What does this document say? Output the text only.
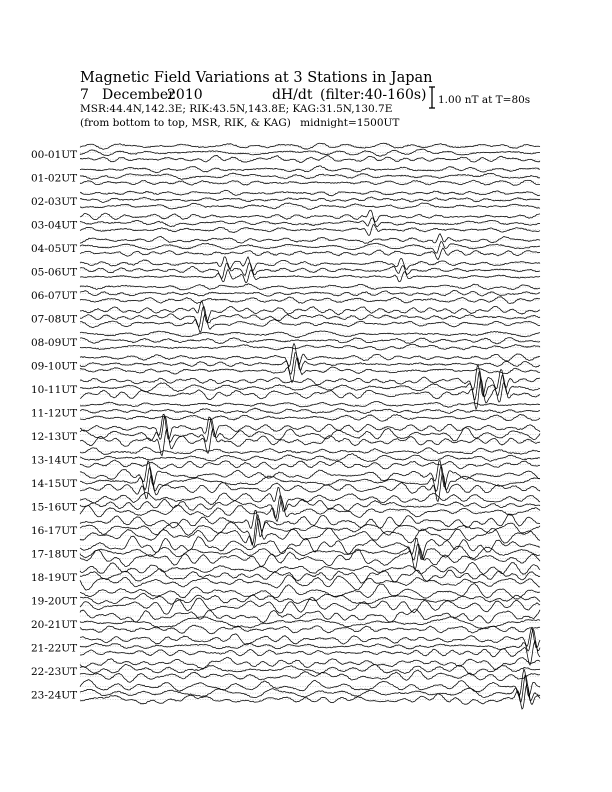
Magnetic Field Variations at 3 Stations in Japan
7 December
2010	dH/dt (filter:40-160s)
MSR:44.4N,142.3E; RIK:43.5N,143.8E; KAG:31.5N,130.7E
(from bottom to top, MSR, RIK, & KAG) midnight=1500UT
1.00 nT at T=80s
00-01UT
01-02UT
02-03UT
03-04UT
04-05UT
05-06UT
06-07UT
07-08UT
08-09UT
09-10UT
10-11UT
11-12UT
12-13UT
13-14UT
14-15UT
15-16UT
16-17UT
17-18UT
18-19UT
19-20UT
20-21UT
21-22UT
22-23UT
23-24UT
